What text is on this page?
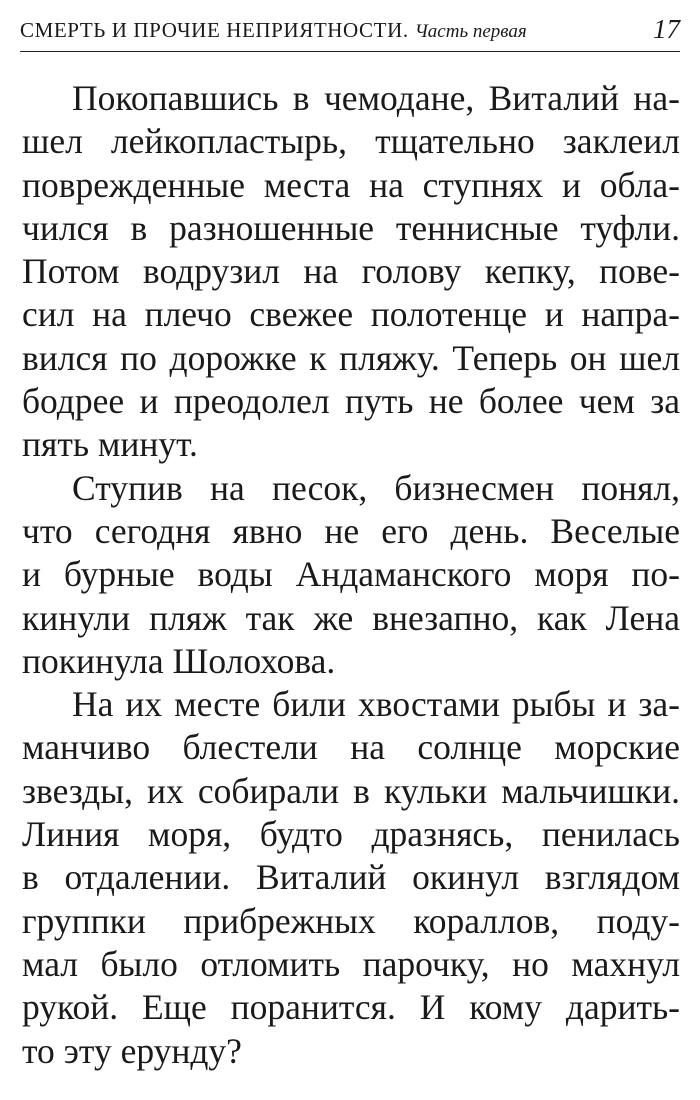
СМЕРТЬ И ПРОЧИЕ НЕПРИЯТНОСТИ. Часть первая	17
Покопавшись в чемодане, Виталий на-
шел лейкопластырь, тщательно заклеил
поврежденные места на ступнях и обла-
чился в разношенные теннисные туфли.
Потом водрузил на голову кепку, пове-
сил на плечо свежее полотенце и напра-
вился по дорожке к пляжу. Теперь он шел
бодрее и преодолел путь не более чем за
пять минут.
Ступив на песок, бизнесмен понял,
что сегодня явно не его день. Веселые
и бурные воды Андаманского моря по-
кинули пляж так же внезапно, как Лена
покинула Шолохова.
На их месте били хвостами рыбы и за-
манчиво блестели на солнце морские
звезды, их собирали в кульки мальчишки.
Линия моря, будто дразнясь, пенилась
в отдалении. Виталий окинул взглядом
группки прибрежных кораллов, поду-
мал было отломить парочку, но махнул
рукой. Еще поранится. И кому дарить-
то эту ерунду?
